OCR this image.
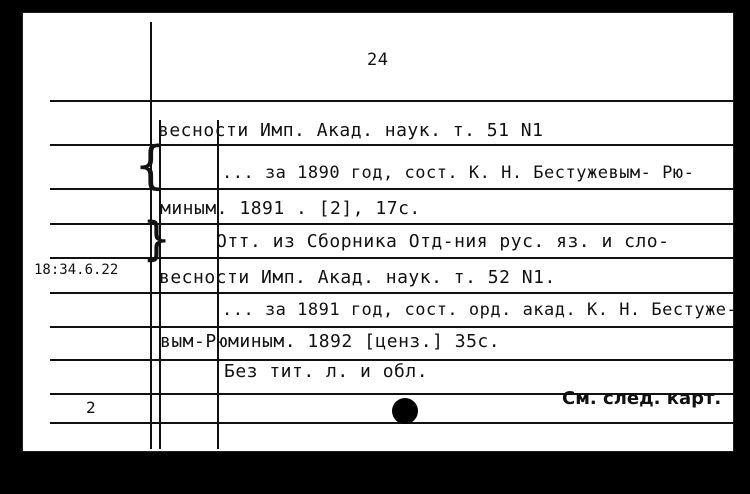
24
весности Имп. Акад. наук. т. 51 N1
... за 1890 год, сост. К. Н. Бестужевым- Рю-
миным. 1891 . [2], 17с.
Отт. из Сборника Отд-ния рус. яз. и сло-
весности Имп. Акад. наук. т. 52 N1.
... за 1891 год, сост. орд. акад. К. Н. Бестуже-
вым-Рюминым. 1892 [ценз.] 35с.
Без тит. л. и обл.
18:34.6.22
{
}
2	См. след. карт.
